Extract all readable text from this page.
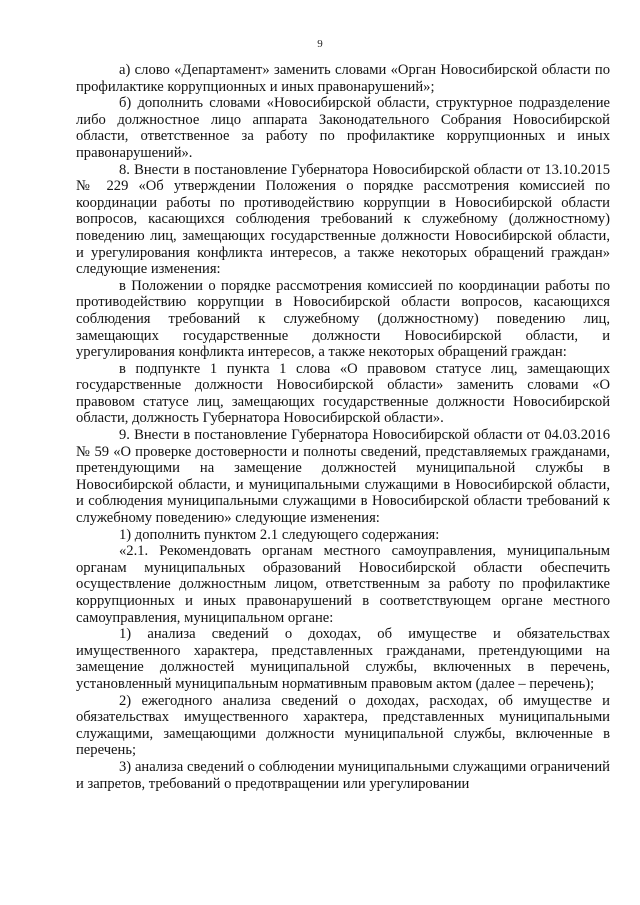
9

а) слово «Департамент» заменить словами «Орган Новосибирской области по профилактике коррупционных и иных правонарушений»;

б) дополнить словами «Новосибирской области, структурное подразделение либо должностное лицо аппарата Законодательного Собрания Новосибирской области, ответственное за работу по профилактике коррупционных и иных правонарушений».

8. Внести в постановление Губернатора Новосибирской области от 13.10.2015 № 229 «Об утверждении Положения о порядке рассмотрения комиссией по координации работы по противодействию коррупции в Новосибирской области вопросов, касающихся соблюдения требований к служебному (должностному) поведению лиц, замещающих государственные должности Новосибирской области, и урегулирования конфликта интересов, а также некоторых обращений граждан» следующие изменения:

в Положении о порядке рассмотрения комиссией по координации работы по противодействию коррупции в Новосибирской области вопросов, касающихся соблюдения требований к служебному (должностному) поведению лиц, замещающих государственные должности Новосибирской области, и урегулирования конфликта интересов, а также некоторых обращений граждан:

в подпункте 1 пункта 1 слова «О правовом статусе лиц, замещающих государственные должности Новосибирской области» заменить словами «О правовом статусе лиц, замещающих государственные должности Новосибирской области, должность Губернатора Новосибирской области».

9. Внести в постановление Губернатора Новосибирской области от 04.03.2016 № 59 «О проверке достоверности и полноты сведений, представляемых гражданами, претендующими на замещение должностей муниципальной службы в Новосибирской области, и муниципальными служащими в Новосибирской области, и соблюдения муниципальными служащими в Новосибирской области требований к служебному поведению» следующие изменения:

1) дополнить пунктом 2.1 следующего содержания:

«2.1. Рекомендовать органам местного самоуправления, муниципальным органам муниципальных образований Новосибирской области обеспечить осуществление должностным лицом, ответственным за работу по профилактике коррупционных и иных правонарушений в соответствующем органе местного самоуправления, муниципальном органе:

1) анализа сведений о доходах, об имуществе и обязательствах имущественного характера, представленных гражданами, претендующими на замещение должностей муниципальной службы, включенных в перечень, установленный муниципальным нормативным правовым актом (далее – перечень);

2) ежегодного анализа сведений о доходах, расходах, об имуществе и обязательствах имущественного характера, представленных муниципальными служащими, замещающими должности муниципальной службы, включенные в перечень;

3) анализа сведений о соблюдении муниципальными служащими ограничений и запретов, требований о предотвращении или урегулировании
